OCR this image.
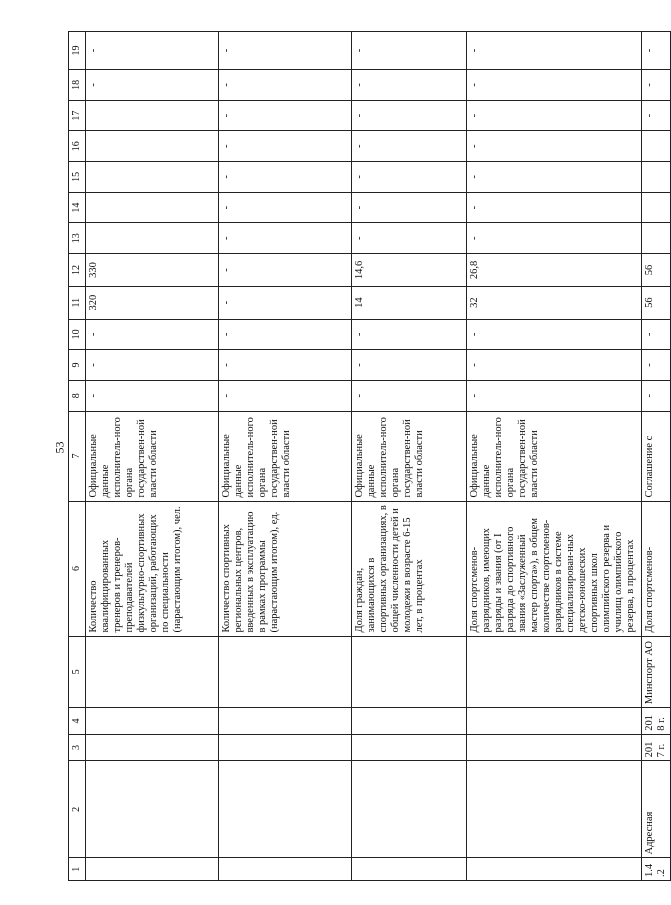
53
1	2	3	4	5	6	7	8	9	10	11	12	13	14	15	16	17	18	19
					Количество квалифицированных тренеров и тренеров-преподавателей физкультурно-спортивных организаций, работающих по специальности (нарастающим итогом), чел.	Официальные данные исполнитель-ного органа государствен-ной власти области	-	-	-	320	330						-	-
					Количество спортивных региональных центров, введенных в эксплуатацию в рамках программы (нарастающим итогом), ед.	Официальные данные исполнитель-ного органа государствен-ной власти области	-	-	-	-	-	-	-	-	-	-	-	-
					Доля граждан, занимающихся в спортивных организациях, в общей численности детей и молодежи в возрасте 6-15 лет, в процентах	Официальные данные исполнитель-ного органа государствен-ной власти области	-	-	-	14	14,6	-	-	-	-	-	-	-
					Доля спортсменов-разрядников, имеющих разряды и звания (от I разряда до спортивного звания «Заслуженный мастер спорта»), в общем количестве спортсменов-разрядников в системе специализирован-ных детско-юношеских спортивных школ олимпийского резерва и училищ олимпийского резерва, в процентах	Официальные данные исполнитель-ного органа государствен-ной власти области	-	-	-	32	26,8	-	-	-	-	-	-	-
1.4.2	Адресная	2017 г.	2018 г.	Минспорт АО	Доля спортсменов-	Соглашение с	-	-	-	56	56					-	-	-
